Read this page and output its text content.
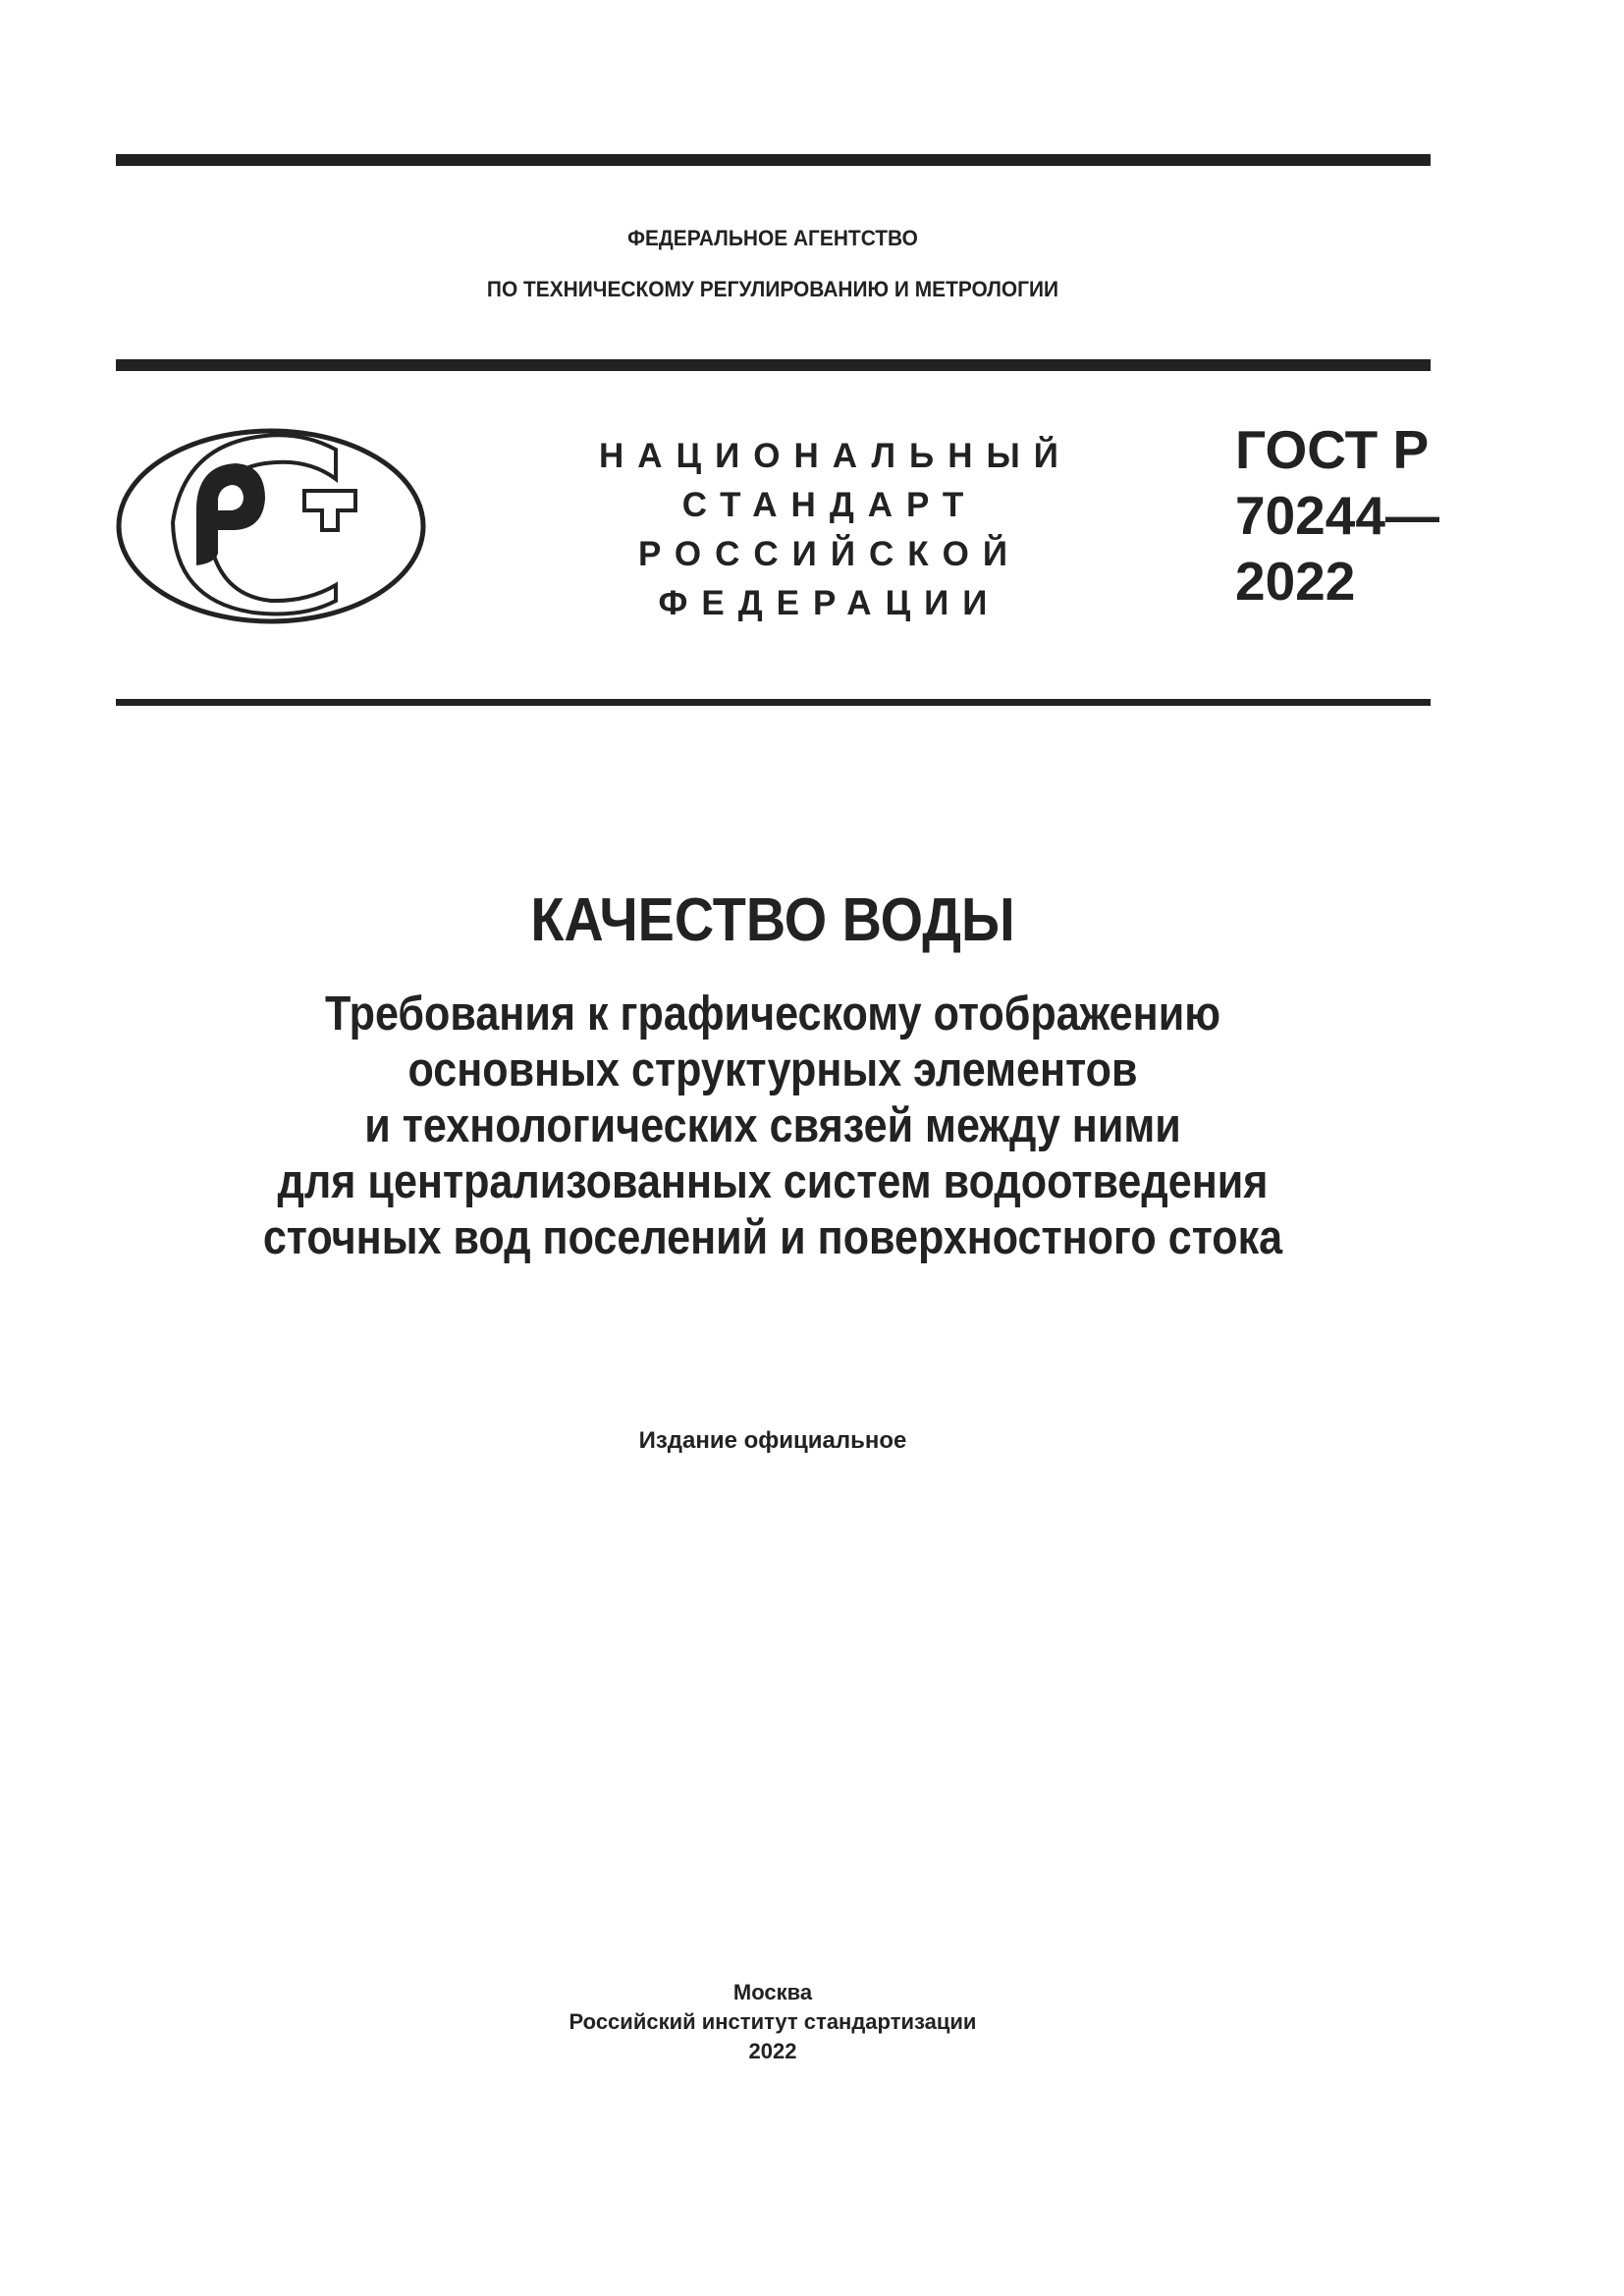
ФЕДЕРАЛЬНОЕ АГЕНТСТВО
ПО ТЕХНИЧЕСКОМУ РЕГУЛИРОВАНИЮ И МЕТРОЛОГИИ
НАЦИОНАЛЬНЫЙ
СТАНДАРТ
РОССИЙСКОЙ
ФЕДЕРАЦИИ
ГОСТ Р
70244—
2022
КАЧЕСТВО ВОДЫ
Требования к графическому отображению
основных структурных элементов
и технологических связей между ними
для централизованных систем водоотведения
сточных вод поселений и поверхностного стока
Издание официальное
Москва
Российский институт стандартизации
2022
